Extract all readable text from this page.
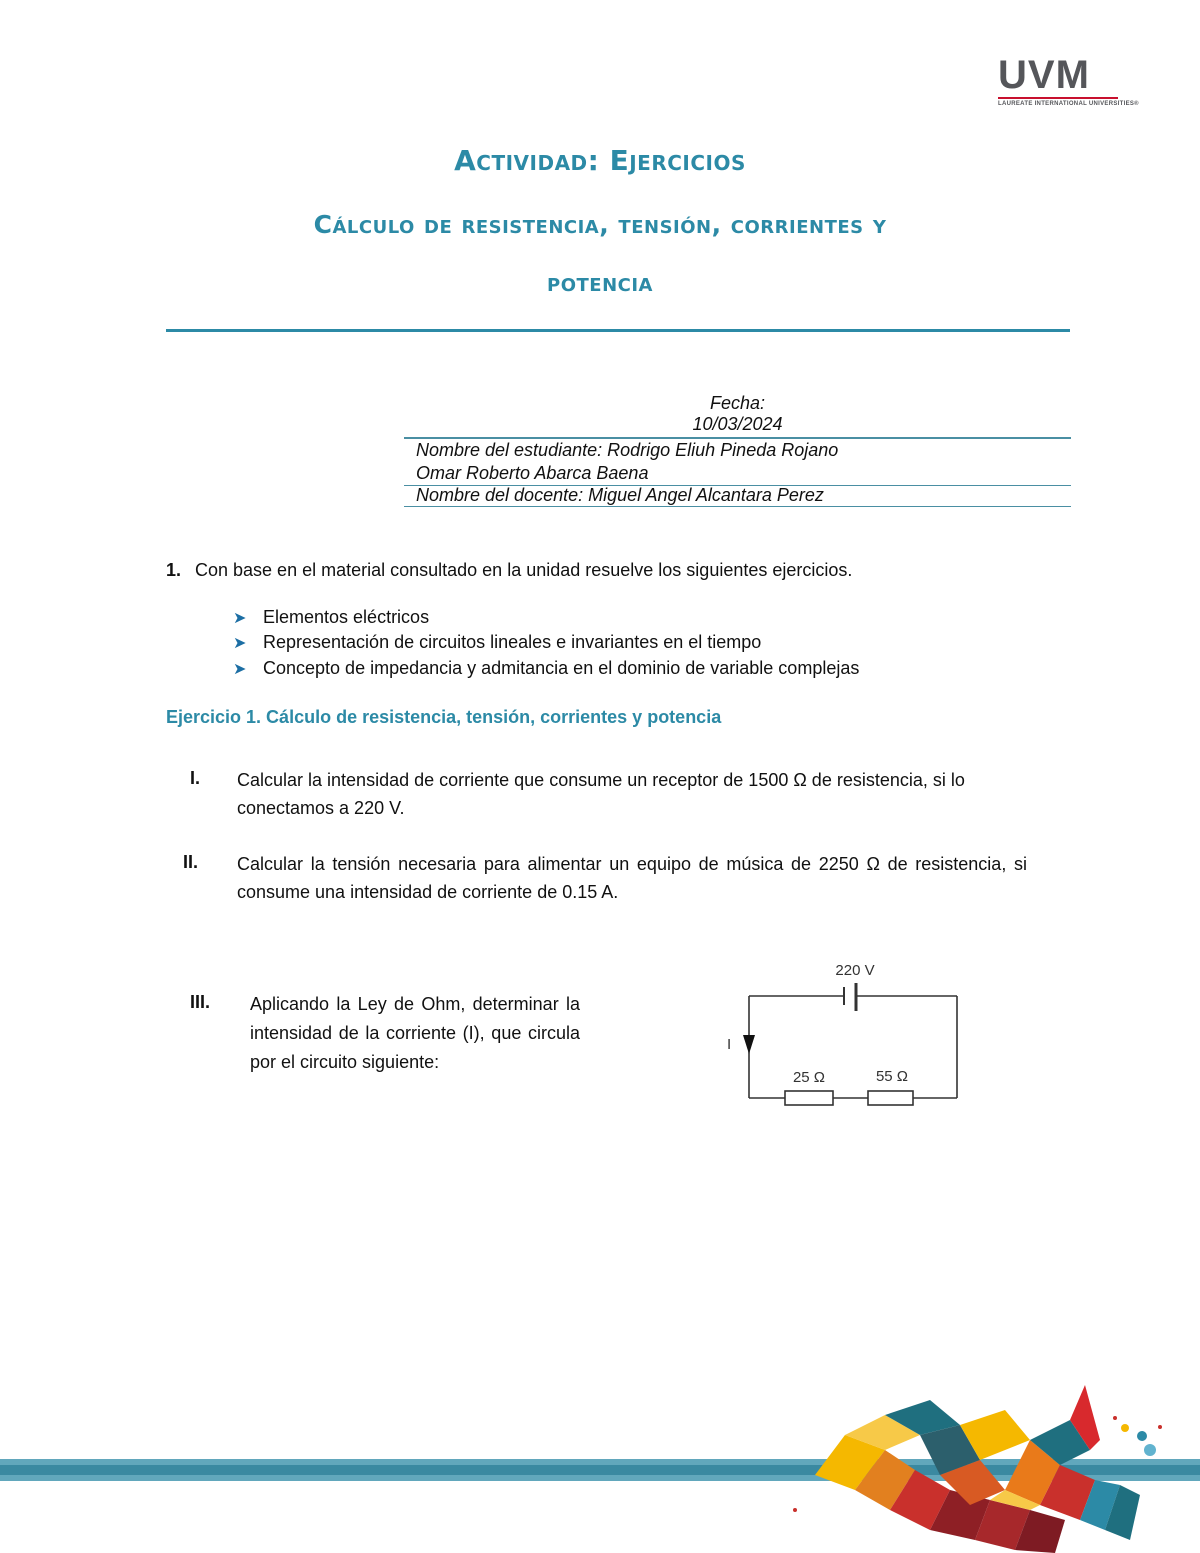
UVM
LAUREATE INTERNATIONAL UNIVERSITIES®
Actividad: Ejercicios
Cálculo de resistencia, tensión, corrientes y
potencia
Fecha:
10/03/2024
Nombre del estudiante: Rodrigo Eliuh Pineda Rojano
Omar Roberto Abarca Baena
Nombre del docente: Miguel Angel Alcantara Perez
1. Con base en el material consultado en la unidad resuelve los siguientes ejercicios.
➤ Elementos eléctricos
➤ Representación de circuitos lineales e invariantes en el tiempo
➤ Concepto de impedancia y admitancia en el dominio de variable complejas
Ejercicio 1. Cálculo de resistencia, tensión, corrientes y potencia
I. Calcular la intensidad de corriente que consume un receptor de 1500 Ω de resistencia, si lo conectamos a 220 V.
II. Calcular la tensión necesaria para alimentar un equipo de música de 2250 Ω de resistencia, si consume una intensidad de corriente de 0.15 A.
III. Aplicando la Ley de Ohm, determinar la intensidad de la corriente (I), que circula por el circuito siguiente:
220 V
I
25 Ω	55 Ω
